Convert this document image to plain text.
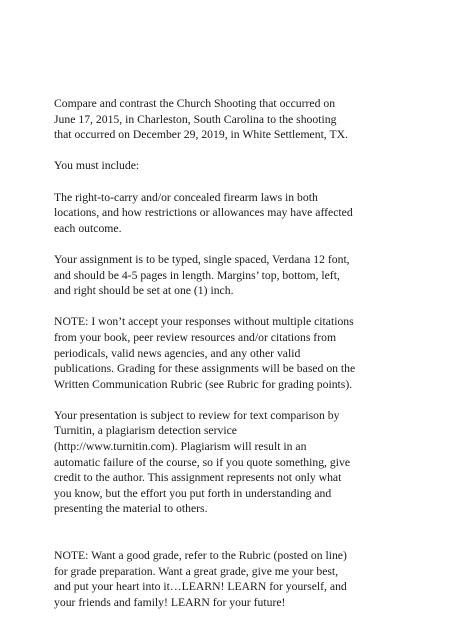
Compare and contrast the Church Shooting that occurred on
June 17, 2015, in Charleston, South Carolina to the shooting
that occurred on December 29, 2019, in White Settlement, TX.

You must include:

The right-to-carry and/or concealed firearm laws in both
locations, and how restrictions or allowances may have affected
each outcome.

Your assignment is to be typed, single spaced, Verdana 12 font,
and should be 4-5 pages in length. Margins’ top, bottom, left,
and right should be set at one (1) inch.

NOTE: I won’t accept your responses without multiple citations
from your book, peer review resources and/or citations from
periodicals, valid news agencies, and any other valid
publications. Grading for these assignments will be based on the
Written Communication Rubric (see Rubric for grading points).

Your presentation is subject to review for text comparison by
Turnitin, a plagiarism detection service
(http://www.turnitin.com). Plagiarism will result in an
automatic failure of the course, so if you quote something, give
credit to the author. This assignment represents not only what
you know, but the effort you put forth in understanding and
presenting the material to others.

NOTE: Want a good grade, refer to the Rubric (posted on line)
for grade preparation. Want a great grade, give me your best,
and put your heart into it…LEARN! LEARN for yourself, and
your friends and family! LEARN for your future!
